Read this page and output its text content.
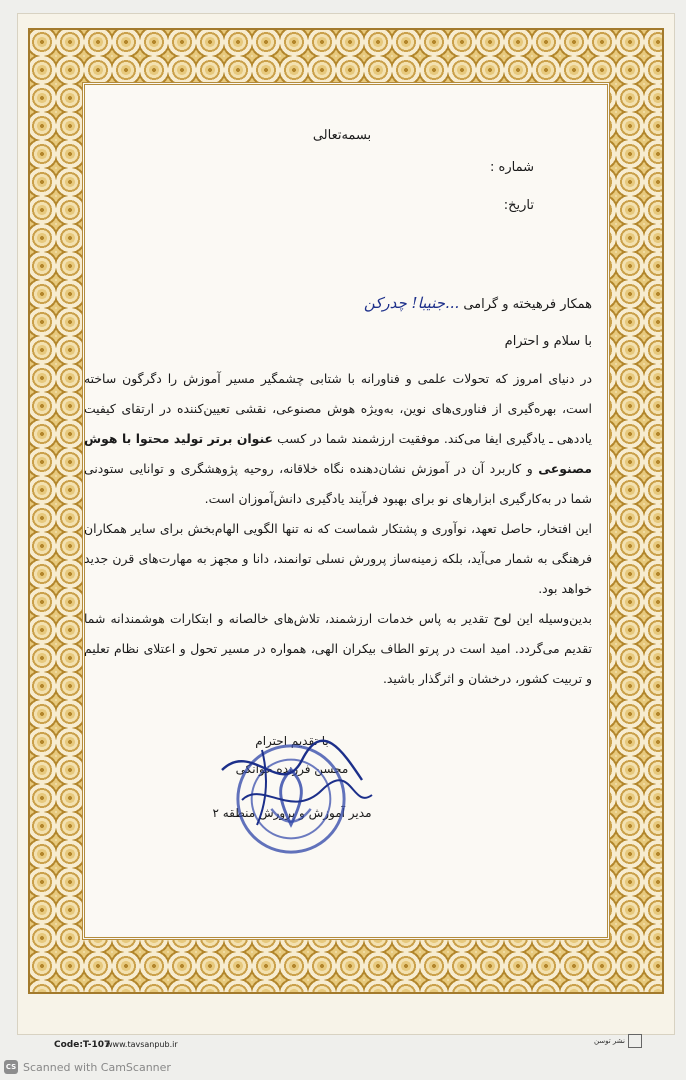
بسمه‌تعالی
شماره :
تاریخ:
همکار فرهیخته و گرامی...جنیبا! چدرکن
با سلام و احترام
در دنیای امروز که تحولات علمی و فناورانه با شتابی چشمگیر مسیر آموزش را دگرگون ساخته است، بهره‌گیری از فناوری‌های نوین، به‌ویژه هوش مصنوعی، نقشی تعیین‌کننده در ارتقای کیفیت یاددهی ـ یادگیری ایفا می‌کند. موفقیت ارزشمند شما در کسب عنوان برتر تولید محتوا با هوش مصنوعی و کاربرد آن در آموزش نشان‌دهنده نگاه خلاقانه، روحیه پژوهشگری و توانایی ستودنی شما در به‌کارگیری ابزارهای نو برای بهبود فرآیند یادگیری دانش‌آموزان است.
این افتخار، حاصل تعهد، نوآوری و پشتکار شماست که نه تنها الگویی الهام‌بخش برای سایر همکاران فرهنگی به شمار می‌آید، بلکه زمینه‌ساز پرورش نسلی توانمند، دانا و مجهز به مهارت‌های قرن جدید خواهد بود.
بدین‌وسیله این لوح تقدیر به پاس خدمات ارزشمند، تلاش‌های خالصانه و ابتکارات هوشمندانه شما تقدیم می‌گردد. امید است در پرتو الطاف بیکران الهی، همواره در مسیر تحول و اعتلای نظام تعلیم و تربیت کشور، درخشان و اثرگذار باشید.
با تقدیم احترام
محسن فرزنده خوانکی
مدیر آموزش و پرورش منطقه ۲
Code:T-107
www.tavsanpub.ir	نشر توسن
CS Scanned with CamScanner
